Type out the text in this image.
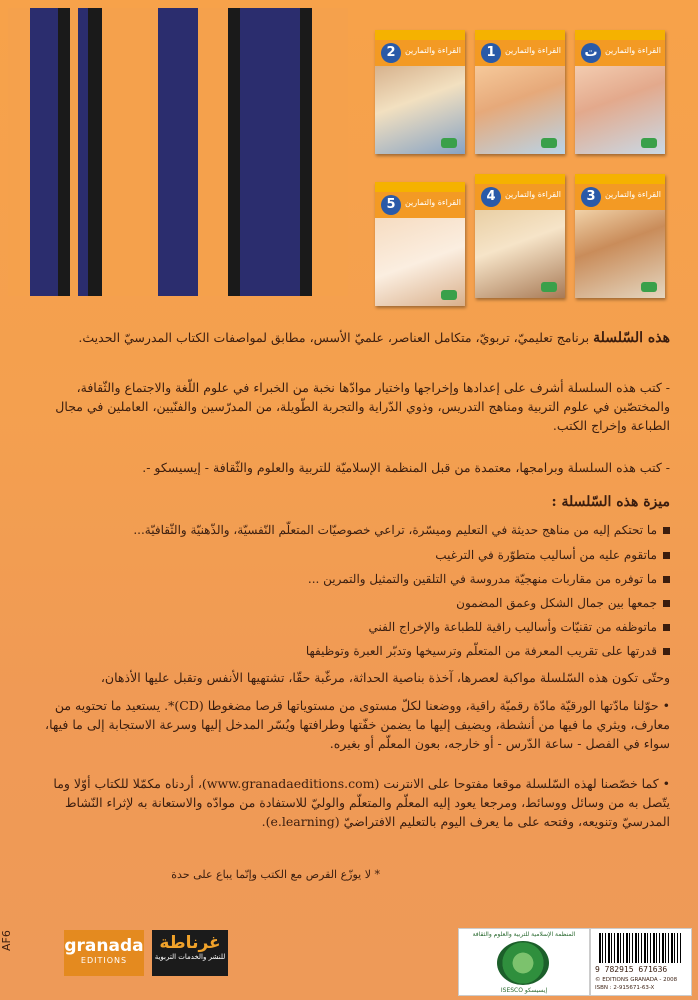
1	القراءة والتمارين
2	القراءة والتمارين
3	القراءة والتمارين
4	القراءة والتمارين
5	القراءة والتمارين
ت القراءة والتمارين
هذه السّلسلة برنامج تعليميّ، تربويّ، متكامل العناصر، علميّ الأسس، مطابق لمواصفات الكتاب المدرسيّ الحديث.
- كتب هذه السلسلة أشرف على إعدادها وإخراجها واختيار موادّها نخبة من الخبراء في علوم اللّغة والاجتماع والثّقافة، والمختصّين في علوم التربية ومناهج التدريس، وذوي الدّراية والتجربة الطّويلة، من المدرّسين والفنّيين، العاملين في مجال الطباعة وإخراج الكتب.
- كتب هذه السلسلة وبرامجها، معتمدة من قبل المنظمة الإسلاميّة للتربية والعلوم والثّقافة - إيسيسكو -.
ميزة هذه السّلسلة :
ما تحتكم إليه من مناهج حديثة في التعليم وميسّرة، تراعي خصوصيّات المتعلّم النّفسيّة، والذّهنيّة والثّقافيّة...
ماتقوم عليه من أساليب متطوّرة في الترغيب
ما توفره من مقاربات منهجيّة مدروسة في التلقين والتمثيل والتمرين ...
جمعها بين جمال الشكل وعمق المضمون
ماتوظفه من تقنيّات وأساليب راقية للطباعة والإخراج الفني
قدرتها على تقريب المعرفة من المتعلّم وترسيخها وتدبّر العبرة وتوظيفها
وحتّى تكون هذه السّلسلة مواكبة لعصرها، آخذة بناصية الحداثة، مرغّبة حقّا، تشتهيها الأنفس وتقبل عليها الأذهان،
• حوّلنا مادّتها الورقيّة مادّة رقميّة راقية، ووضعنا لكلّ مستوى من مستوياتها قرصا مضغوطا (CD)*. يستعيد ما تحتويه من معارف، ويثري ما فيها من أنشطة، ويضيف إليها ما يضمن خفّتها وطرافتها ويُسّر المدخل إليها وسرعة الاستجابة إلى ما فيها، سواء في الفصل - ساعة الدّرس - أو خارجه، بعون المعلّم أو بغيره.
• كما خصّصنا لهذه السّلسلة موقعا مفتوحا على الانترنت (www.granadaeditions.com)، أردناه مكمّلا للكتاب أوّلا وما يتّصل به من وسائل ووسائط، ومرجعا يعود إليه المعلّم والمتعلّم والوليّ للاستفادة من موادّه والاستعانة به لإثراء النّشاط المدرسيّ وتنويعه، وفتحه على ما يعرف اليوم بالتعليم الافتراضيّ (e.learning).
* لا يوزّع القرص مع الكتب وإنّما يباع على حدة
AF6	granada
EDITIONS
غرناطة
للنشر والخدمات التربوية
المنظمة الإسلامية للتربية والعلوم والثقافة
ISESCO إيسيسكو
9 782915 671636
© EDITIONS GRANADA - 2008
ISBN : 2-915671-63-X
